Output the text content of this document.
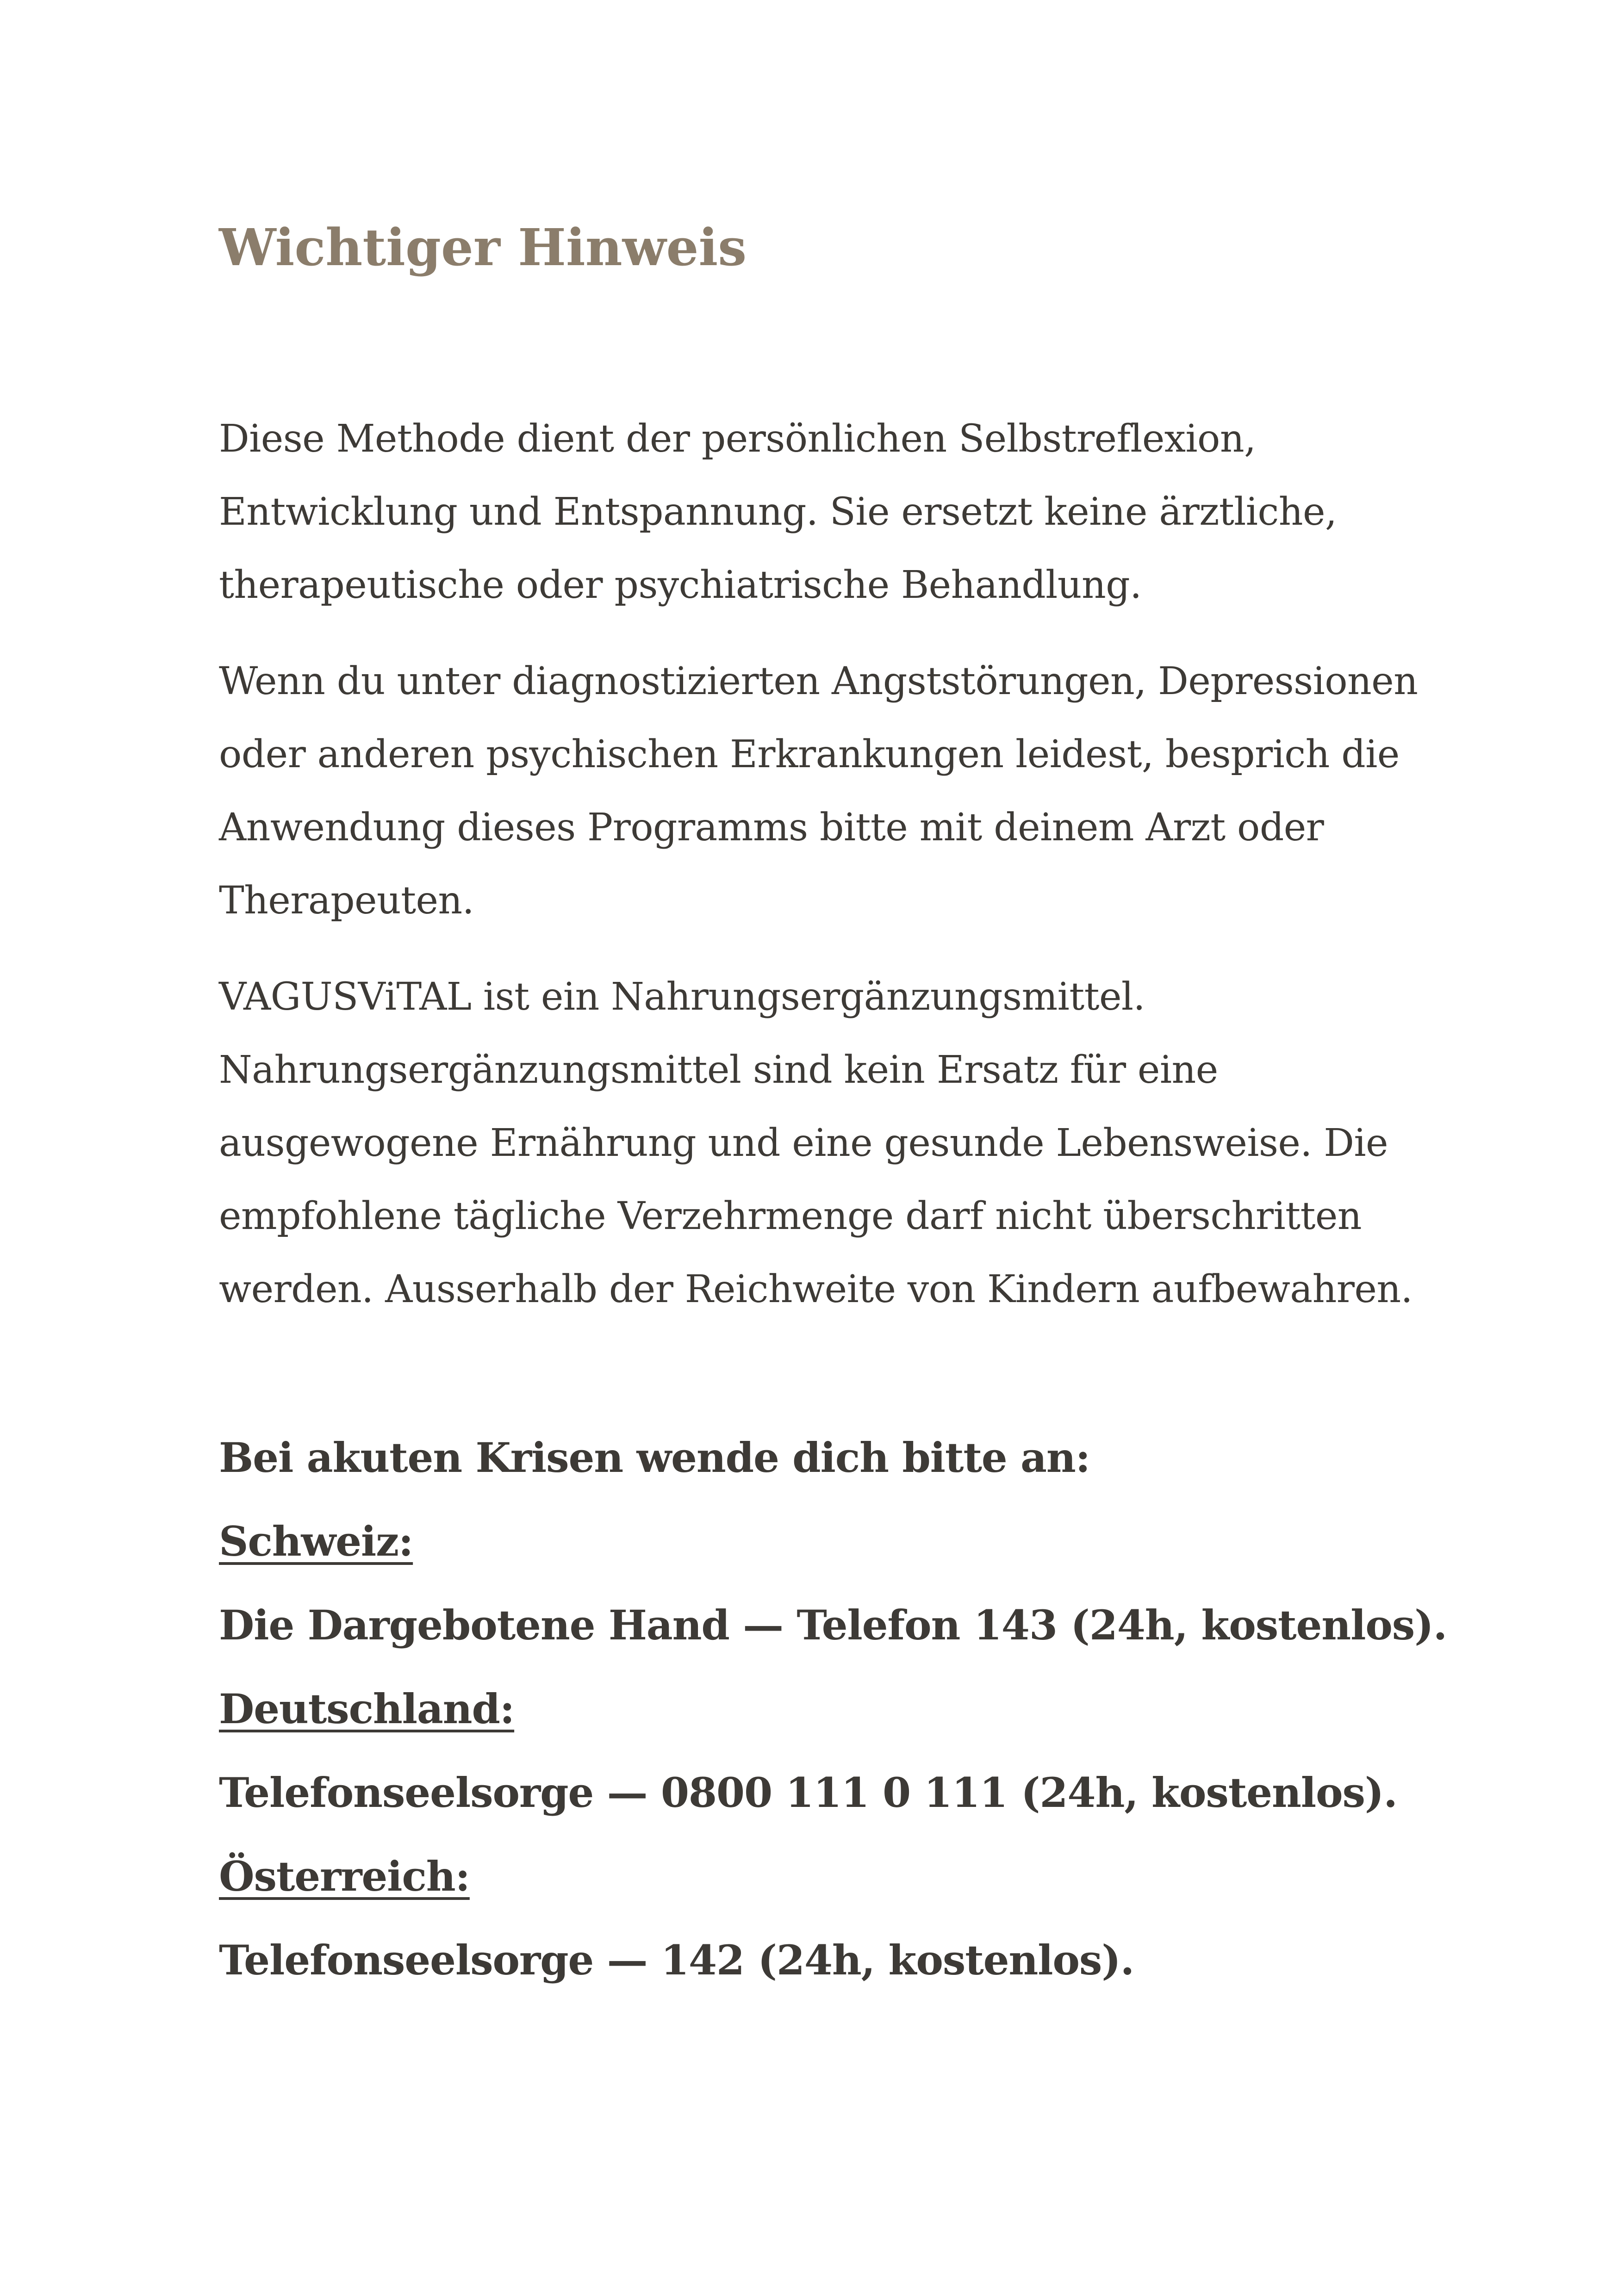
Wichtiger Hinweis

Diese Methode dient der persönlichen Selbstreflexion,
Entwicklung und Entspannung. Sie ersetzt keine ärztliche,
therapeutische oder psychiatrische Behandlung.

Wenn du unter diagnostizierten Angststörungen, Depressionen
oder anderen psychischen Erkrankungen leidest, besprich die
Anwendung dieses Programms bitte mit deinem Arzt oder
Therapeuten.

VAGUSViTAL ist ein Nahrungsergänzungsmittel.
Nahrungsergänzungsmittel sind kein Ersatz für eine
ausgewogene Ernährung und eine gesunde Lebensweise. Die
empfohlene tägliche Verzehrmenge darf nicht überschritten
werden. Ausserhalb der Reichweite von Kindern aufbewahren.

Bei akuten Krisen wende dich bitte an:
Schweiz:
Die Dargebotene Hand — Telefon 143 (24h, kostenlos).
Deutschland:
Telefonseelsorge — 0800 111 0 111 (24h, kostenlos).
Österreich:
Telefonseelsorge — 142 (24h, kostenlos).
